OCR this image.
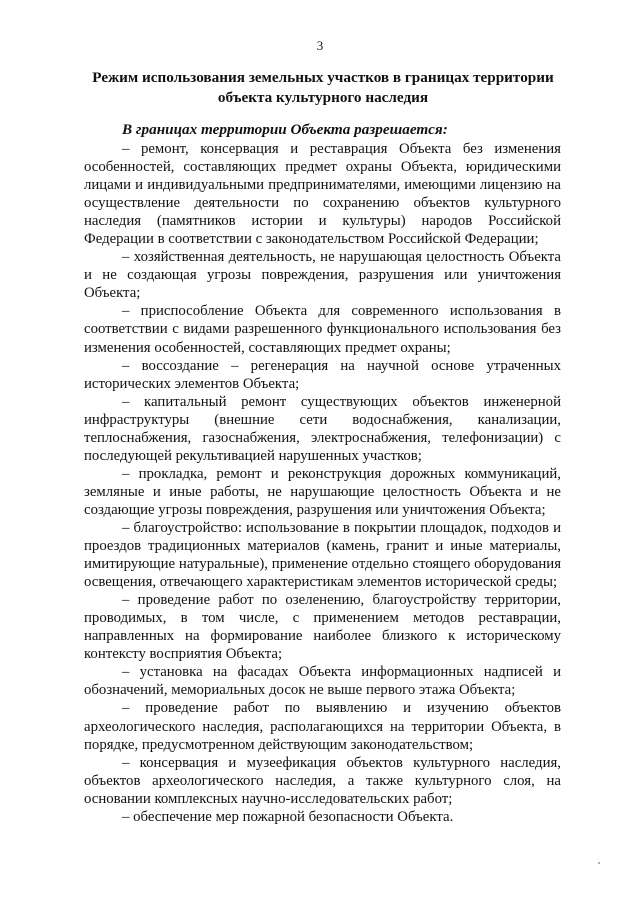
3
Режим использования земельных участков в границах территории
объекта культурного наследия
В границах территории Объекта разрешается:

– ремонт, консервация и реставрация Объекта без изменения особенностей, составляющих предмет охраны Объекта, юридическими лицами и индивидуальными предпринимателями, имеющими лицензию на осуществление деятельности по сохранению объектов культурного наследия (памятников истории и культуры) народов Российской Федерации в соответствии с законодательством Российской Федерации;

– хозяйственная деятельность, не нарушающая целостность Объекта и не создающая угрозы повреждения, разрушения или уничтожения Объекта;

– приспособление Объекта для современного использования в соответствии с видами разрешенного функционального использования без изменения особенностей, составляющих предмет охраны;

– воссоздание – регенерация на научной основе утраченных исторических элементов Объекта;

– капитальный ремонт существующих объектов инженерной инфраструктуры (внешние сети водоснабжения, канализации, теплоснабжения, газоснабжения, электроснабжения, телефонизации) с последующей рекультивацией нарушенных участков;

– прокладка, ремонт и реконструкция дорожных коммуникаций, земляные и иные работы, не нарушающие целостность Объекта и не создающие угрозы повреждения, разрушения или уничтожения Объекта;

– благоустройство: использование в покрытии площадок, подходов и проездов традиционных материалов (камень, гранит и иные материалы, имитирующие натуральные), применение отдельно стоящего оборудования освещения, отвечающего характеристикам элементов исторической среды;

– проведение работ по озеленению, благоустройству территории, проводимых, в том числе, с применением методов реставрации, направленных на формирование наиболее близкого к историческому контексту восприятия Объекта;

– установка на фасадах Объекта информационных надписей и обозначений, мемориальных досок не выше первого этажа Объекта;

– проведение работ по выявлению и изучению объектов археологического наследия, располагающихся на территории Объекта, в порядке, предусмотренном действующим законодательством;

– консервация и музеефикация объектов культурного наследия, объектов археологического наследия, а также культурного слоя, на основании комплексных научно-исследовательских работ;

– обеспечение мер пожарной безопасности Объекта.
